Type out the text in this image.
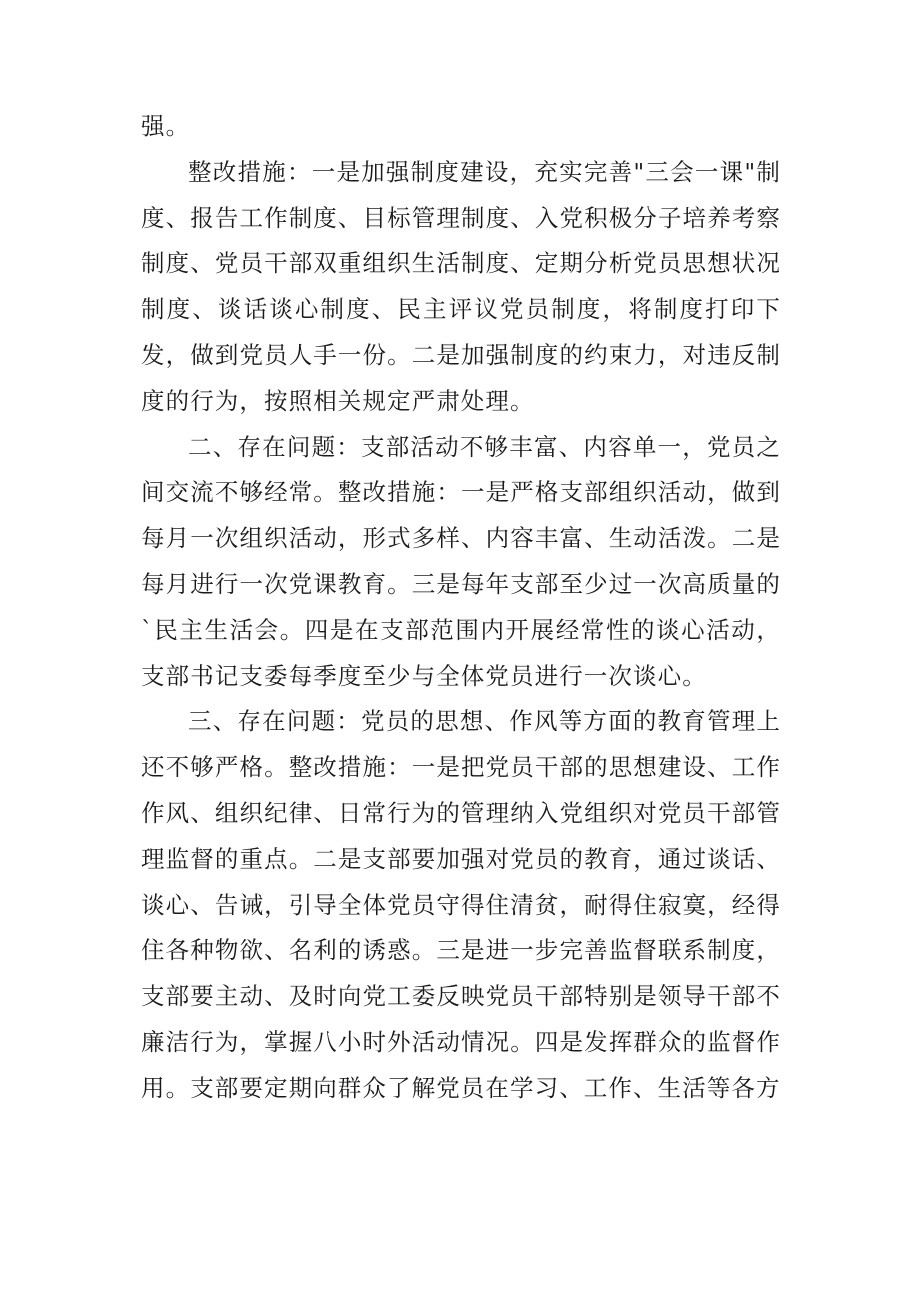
强。

整改措施：一是加强制度建设，充实完善"三会一课"制度、报告工作制度、目标管理制度、入党积极分子培养考察制度、党员干部双重组织生活制度、定期分析党员思想状况制度、谈话谈心制度、民主评议党员制度，将制度打印下发，做到党员人手一份。二是加强制度的约束力，对违反制度的行为，按照相关规定严肃处理。

二、存在问题：支部活动不够丰富、内容单一，党员之间交流不够经常。整改措施：一是严格支部组织活动，做到每月一次组织活动，形式多样、内容丰富、生动活泼。二是每月进行一次党课教育。三是每年支部至少过一次高质量的`民主生活会。四是在支部范围内开展经常性的谈心活动，支部书记支委每季度至少与全体党员进行一次谈心。

三、存在问题：党员的思想、作风等方面的教育管理上还不够严格。整改措施：一是把党员干部的思想建设、工作作风、组织纪律、日常行为的管理纳入党组织对党员干部管理监督的重点。二是支部要加强对党员的教育，通过谈话、谈心、告诫，引导全体党员守得住清贫，耐得住寂寞，经得住各种物欲、名利的诱惑。三是进一步完善监督联系制度，支部要主动、及时向党工委反映党员干部特别是领导干部不廉洁行为，掌握八小时外活动情况。四是发挥群众的监督作用。支部要定期向群众了解党员在学习、工作、生活等各方
